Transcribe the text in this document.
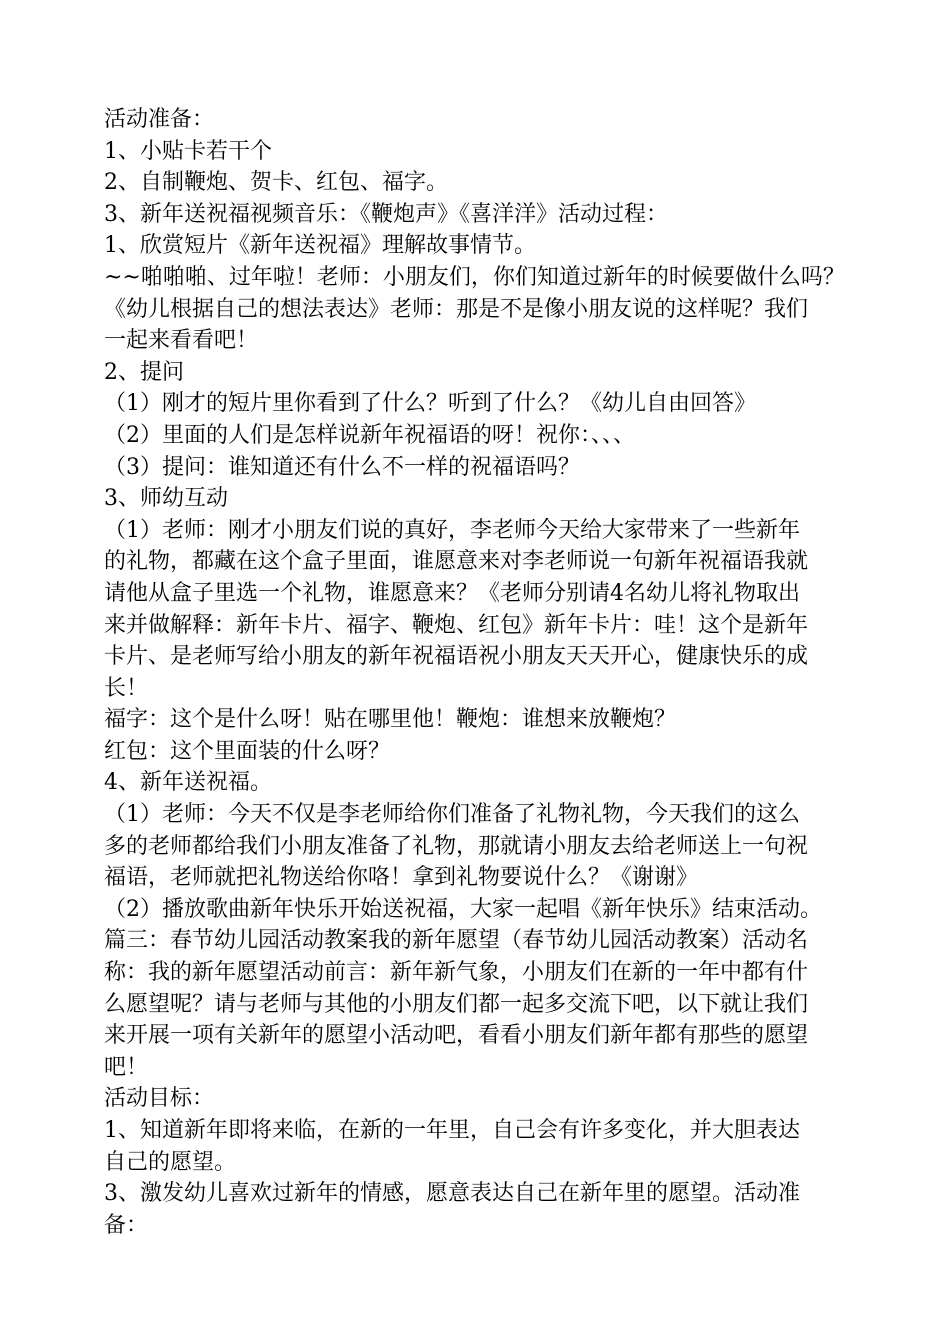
活动准备：

1、小贴卡若干个

2、自制鞭炮、贺卡、红包、福字。

3、新年送祝福视频音乐：《鞭炮声》《喜洋洋》活动过程：

1、欣赏短片《新年送祝福》理解故事情节。

~~啪啪啪、过年啦！老师：小朋友们，你们知道过新年的时候要做什么吗？

《幼儿根据自己的想法表达》老师：那是不是像小朋友说的这样呢？我们

一起来看看吧！

2、提问

（1）刚才的短片里你看到了什么？听到了什么？《幼儿自由回答》

（2）里面的人们是怎样说新年祝福语的呀！祝你：、、、

（3）提问：谁知道还有什么不一样的祝福语吗？

3、师幼互动

（1）老师：刚才小朋友们说的真好，李老师今天给大家带来了一些新年

的礼物，都藏在这个盒子里面，谁愿意来对李老师说一句新年祝福语我就

请他从盒子里选一个礼物，谁愿意来？《老师分别请4名幼儿将礼物取出

来并做解释：新年卡片、福字、鞭炮、红包》新年卡片：哇！这个是新年

卡片、是老师写给小朋友的新年祝福语祝小朋友天天开心，健康快乐的成

长！

福字：这个是什么呀！贴在哪里他！鞭炮：谁想来放鞭炮？

红包：这个里面装的什么呀？

4、新年送祝福。

（1）老师：今天不仅是李老师给你们准备了礼物礼物，今天我们的这么

多的老师都给我们小朋友准备了礼物，那就请小朋友去给老师送上一句祝

福语，老师就把礼物送给你咯！拿到礼物要说什么？《谢谢》

（2）播放歌曲新年快乐开始送祝福，大家一起唱《新年快乐》结束活动。

篇三：春节幼儿园活动教案我的新年愿望（春节幼儿园活动教案）活动名

称：我的新年愿望活动前言：新年新气象，小朋友们在新的一年中都有什

么愿望呢？请与老师与其他的小朋友们都一起多交流下吧，以下就让我们

来开展一项有关新年的愿望小活动吧，看看小朋友们新年都有那些的愿望

吧！

活动目标：

1、知道新年即将来临，在新的一年里，自己会有许多变化，并大胆表达

自己的愿望。

3、激发幼儿喜欢过新年的情感，愿意表达自己在新年里的愿望。活动准

备：
